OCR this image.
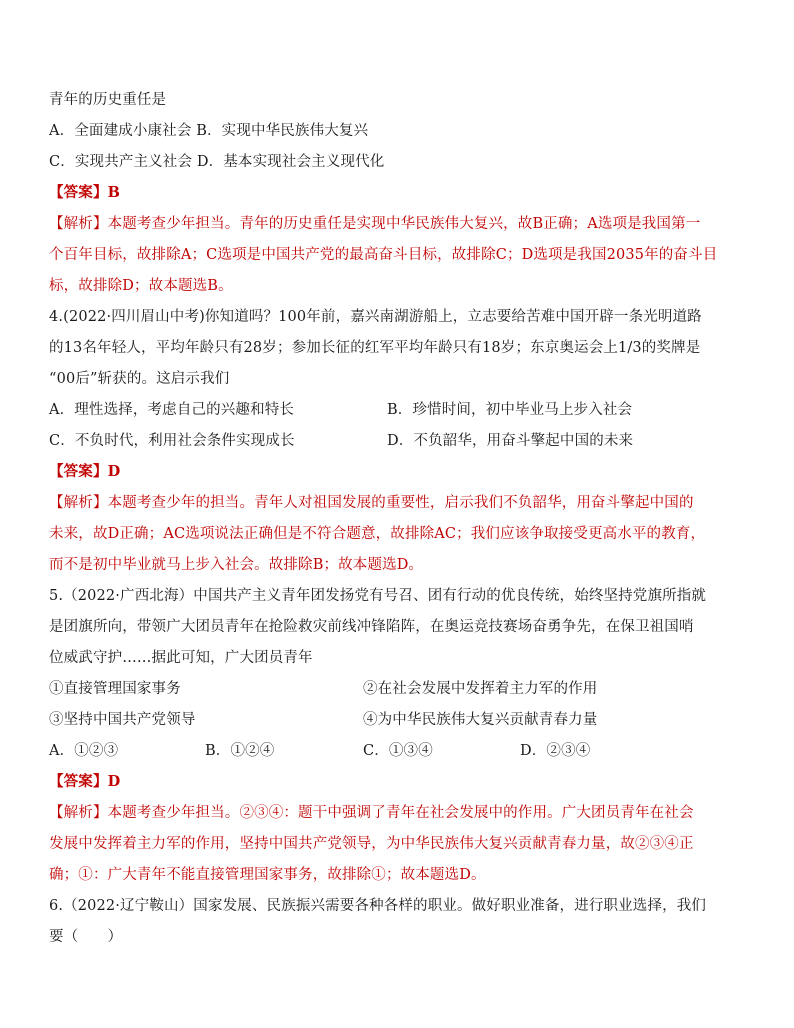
青年的历史重任是
A．全面建成小康社会 B．实现中华民族伟大复兴
C．实现共产主义社会 D．基本实现社会主义现代化
【答案】B
【解析】本题考查少年担当。青年的历史重任是实现中华民族伟大复兴，故B正确；A选项是我国第一
个百年目标，故排除A；C选项是中国共产党的最高奋斗目标，故排除C；D选项是我国2035年的奋斗目
标，故排除D；故本题选B。
4.(2022·四川眉山中考)你知道吗？100年前，嘉兴南湖游船上，立志要给苦难中国开辟一条光明道路
的13名年轻人，平均年龄只有28岁；参加长征的红军平均年龄只有18岁；东京奥运会上1/3的奖牌是
“00后”斩获的。这启示我们
A．理性选择，考虑自己的兴趣和特长	B．珍惜时间，初中毕业马上步入社会
C．不负时代，利用社会条件实现成长	D．不负韶华，用奋斗擎起中国的未来
【答案】D
【解析】本题考查少年的担当。青年人对祖国发展的重要性，启示我们不负韶华，用奋斗擎起中国的
未来，故D正确；AC选项说法正确但是不符合题意，故排除AC；我们应该争取接受更高水平的教育，
而不是初中毕业就马上步入社会。故排除B；故本题选D。
5.（2022·广西北海）中国共产主义青年团发扬党有号召、团有行动的优良传统，始终坚持党旗所指就
是团旗所向，带领广大团员青年在抢险救灾前线冲锋陷阵，在奥运竞技赛场奋勇争先，在保卫祖国哨
位威武守护……据此可知，广大团员青年
①直接管理国家事务	②在社会发展中发挥着主力军的作用
③坚持中国共产党领导	④为中华民族伟大复兴贡献青春力量
A．①②③	B．①②④	C．①③④	D．②③④
【答案】D
【解析】本题考查少年担当。②③④：题干中强调了青年在社会发展中的作用。广大团员青年在社会
发展中发挥着主力军的作用，坚持中国共产党领导，为中华民族伟大复兴贡献青春力量，故②③④正
确；①：广大青年不能直接管理国家事务，故排除①；故本题选D。
6.（2022·辽宁鞍山）国家发展、民族振兴需要各种各样的职业。做好职业准备，进行职业选择，我们
要（　　）
